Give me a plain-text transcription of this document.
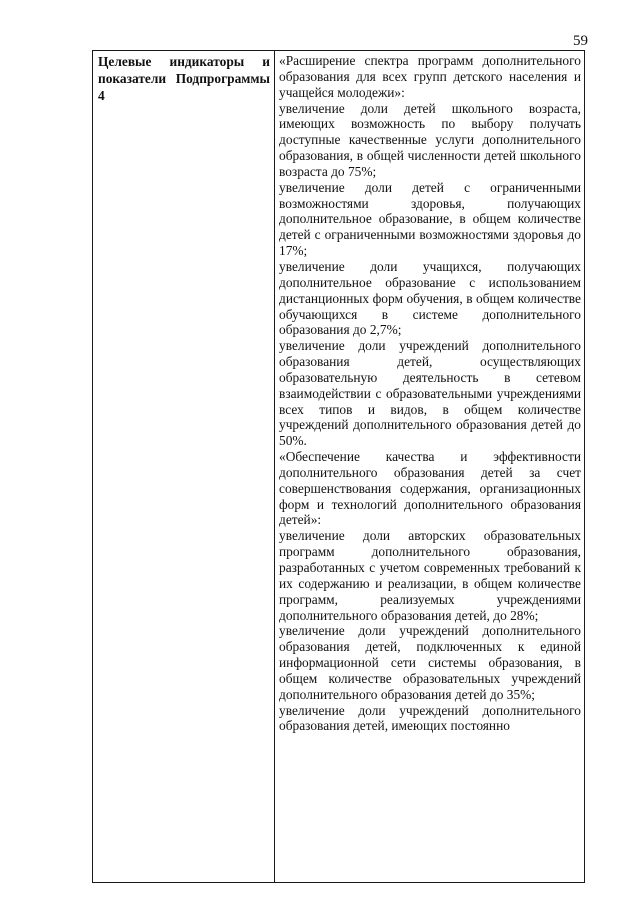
59
Целевые индикаторы и показатели Подпрограммы 4

«Расширение спектра программ дополнительного образования для всех групп детского населения и учащейся молодежи»:

увеличение доли детей школьного возраста, имеющих возможность по выбору получать доступные качественные услуги дополнительного образования, в общей численности детей школьного возраста до 75%;

увеличение доли детей с ограниченными возможностями здоровья, получающих дополнительное образование, в общем количестве детей с ограниченными возможностями здоровья до 17%;

увеличение доли учащихся, получающих дополнительное образование с использованием дистанционных форм обучения, в общем количестве обучающихся в системе дополнительного образования до 2,7%;

увеличение доли учреждений дополнительного образования детей, осуществляющих образовательную деятельность в сетевом взаимодействии с образовательными учреждениями всех типов и видов, в общем количестве учреждений дополнительного образования детей до 50%.

«Обеспечение качества и эффективности дополнительного образования детей за счет совершенствования содержания, организационных форм и технологий дополнительного образования детей»:

увеличение доли авторских образовательных программ дополнительного образования, разработанных с учетом современных требований к их содержанию и реализации, в общем количестве программ, реализуемых учреждениями дополнительного образования детей, до 28%;

увеличение доли учреждений дополнительного образования детей, подключенных к единой информационной сети системы образования, в общем количестве образовательных учреждений дополнительного образования детей до 35%;

увеличение доли учреждений дополнительного образования детей, имеющих постоянно
